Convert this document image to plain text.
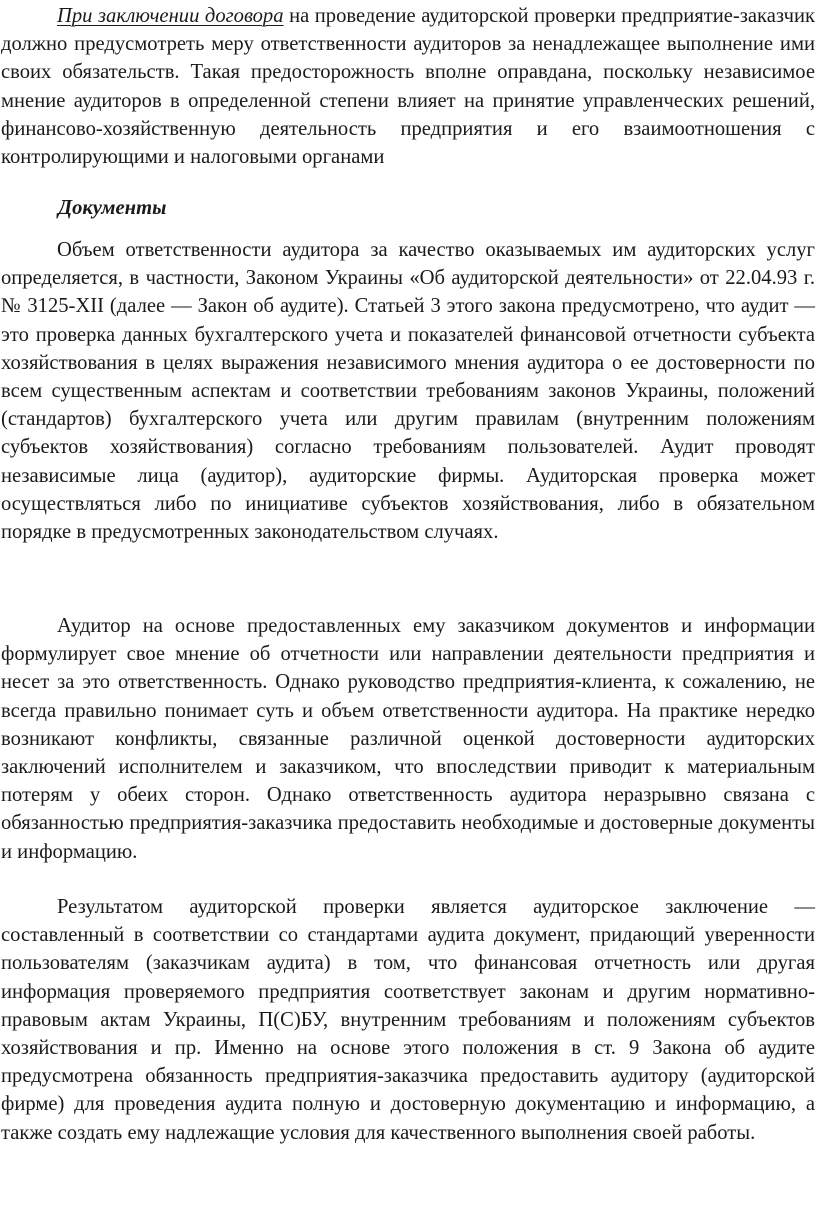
При заключении договора на проведение аудиторской проверки предприятие-заказчик должно предусмотреть меру ответственности аудиторов за ненадлежащее выполнение ими своих обязательств. Такая предосторожность вполне оправдана, поскольку независимое мнение аудиторов в определенной степени влияет на принятие управленческих решений, финансово-хозяйственную деятельность предприятия и его взаимоотношения с контролирующими и налоговыми органами

Документы

Объем ответственности аудитора за качество оказываемых им аудиторских услуг определяется, в частности, Законом Украины «Об аудиторской деятельности» от 22.04.93 г. № 3125-XII (далее — Закон об аудите). Статьей 3 этого закона предусмотрено, что аудит — это проверка данных бухгалтерского учета и показателей финансовой отчетности субъекта хозяйствования в целях выражения независимого мнения аудитора о ее достоверности по всем существенным аспектам и соответствии требованиям законов Украины, положений (стандартов) бухгалтерского учета или другим правилам (внутренним положениям субъектов хозяйствования) согласно требованиям пользователей. Аудит проводят независимые лица (аудитор), аудиторские фирмы. Аудиторская проверка может осуществляться либо по инициативе субъектов хозяйствования, либо в обязательном порядке в предусмотренных законодательством случаях.

Аудитор на основе предоставленных ему заказчиком документов и информации формулирует свое мнение об отчетности или направлении деятельности предприятия и несет за это ответственность. Однако руководство предприятия-клиента, к сожалению, не всегда правильно понимает суть и объем ответственности аудитора. На практике нередко возникают конфликты, связанные различной оценкой достоверности аудиторских заключений исполнителем и заказчиком, что впоследствии приводит к материальным потерям у обеих сторон. Однако ответственность аудитора неразрывно связана с обязанностью предприятия-заказчика предоставить необходимые и достоверные документы и информацию.

Результатом аудиторской проверки является аудиторское заключение — составленный в соответствии со стандартами аудита документ, придающий уверенности пользователям (заказчикам аудита) в том, что финансовая отчетность или другая информация проверяемого предприятия соответствует законам и другим нормативно-правовым актам Украины, П(С)БУ, внутренним требованиям и положениям субъектов хозяйствования и пр. Именно на основе этого положения в ст. 9 Закона об аудите предусмотрена обязанность предприятия-заказчика предоставить аудитору (аудиторской фирме) для проведения аудита полную и достоверную документацию и информацию, а также создать ему надлежащие условия для качественного выполнения своей работы.
